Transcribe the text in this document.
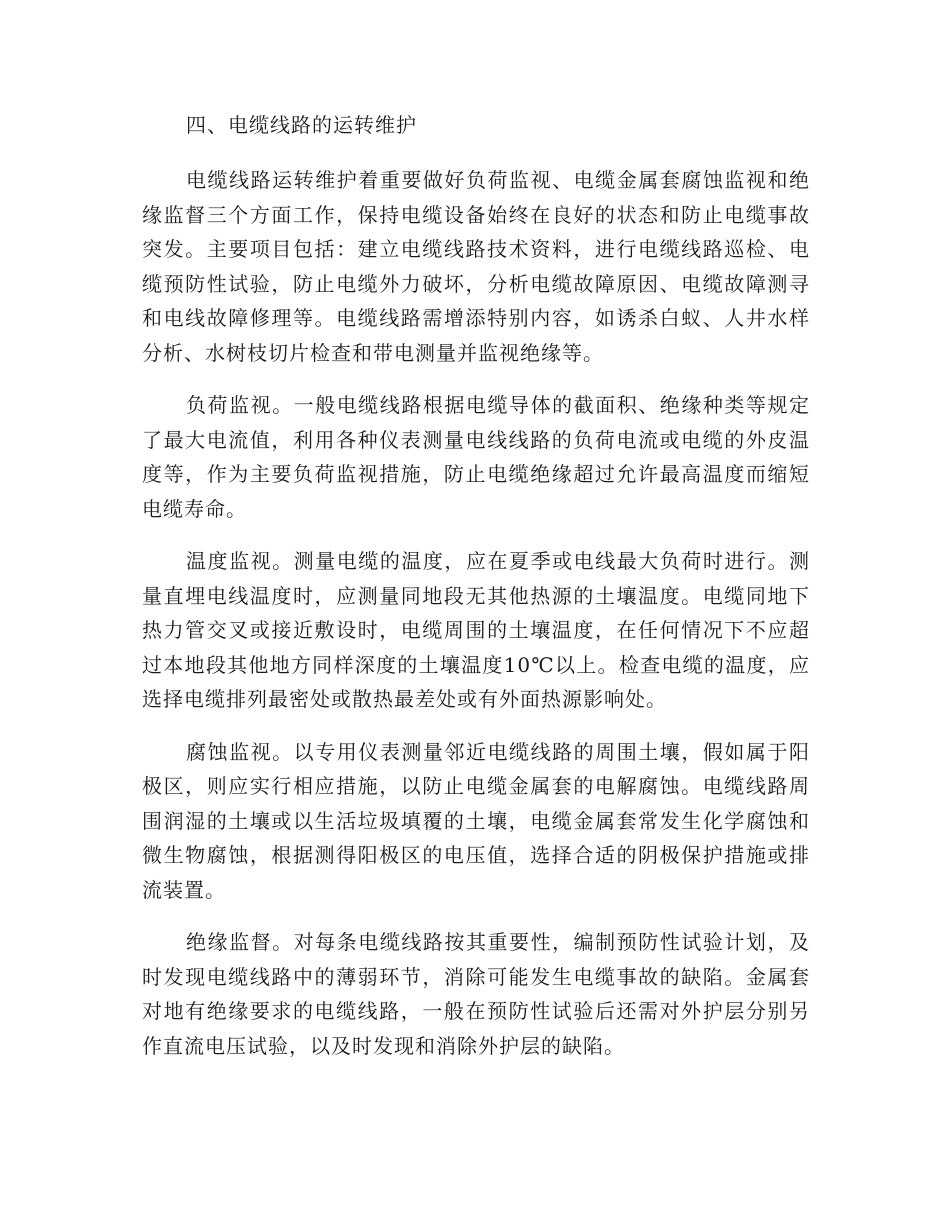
四、电缆线路的运转维护

电缆线路运转维护着重要做好负荷监视、电缆金属套腐蚀监视和绝缘监督三个方面工作，保持电缆设备始终在良好的状态和防止电缆事故突发。主要项目包括：建立电缆线路技术资料，进行电缆线路巡检、电缆预防性试验，防止电缆外力破坏，分析电缆故障原因、电缆故障测寻和电线故障修理等。电缆线路需增添特别内容，如诱杀白蚁、人井水样分析、水树枝切片检查和带电测量并监视绝缘等。

负荷监视。一般电缆线路根据电缆导体的截面积、绝缘种类等规定了最大电流值，利用各种仪表测量电线线路的负荷电流或电缆的外皮温度等，作为主要负荷监视措施，防止电缆绝缘超过允许最高温度而缩短电缆寿命。

温度监视。测量电缆的温度，应在夏季或电线最大负荷时进行。测量直埋电线温度时，应测量同地段无其他热源的土壤温度。电缆同地下热力管交叉或接近敷设时，电缆周围的土壤温度，在任何情况下不应超过本地段其他地方同样深度的土壤温度10℃以上。检查电缆的温度，应选择电缆排列最密处或散热最差处或有外面热源影响处。

腐蚀监视。以专用仪表测量邻近电缆线路的周围土壤，假如属于阳极区，则应实行相应措施，以防止电缆金属套的电解腐蚀。电缆线路周围润湿的土壤或以生活垃圾填覆的土壤，电缆金属套常发生化学腐蚀和微生物腐蚀，根据测得阳极区的电压值，选择合适的阴极保护措施或排流装置。

绝缘监督。对每条电缆线路按其重要性，编制预防性试验计划，及时发现电缆线路中的薄弱环节，消除可能发生电缆事故的缺陷。金属套对地有绝缘要求的电缆线路，一般在预防性试验后还需对外护层分别另作直流电压试验，以及时发现和消除外护层的缺陷。
